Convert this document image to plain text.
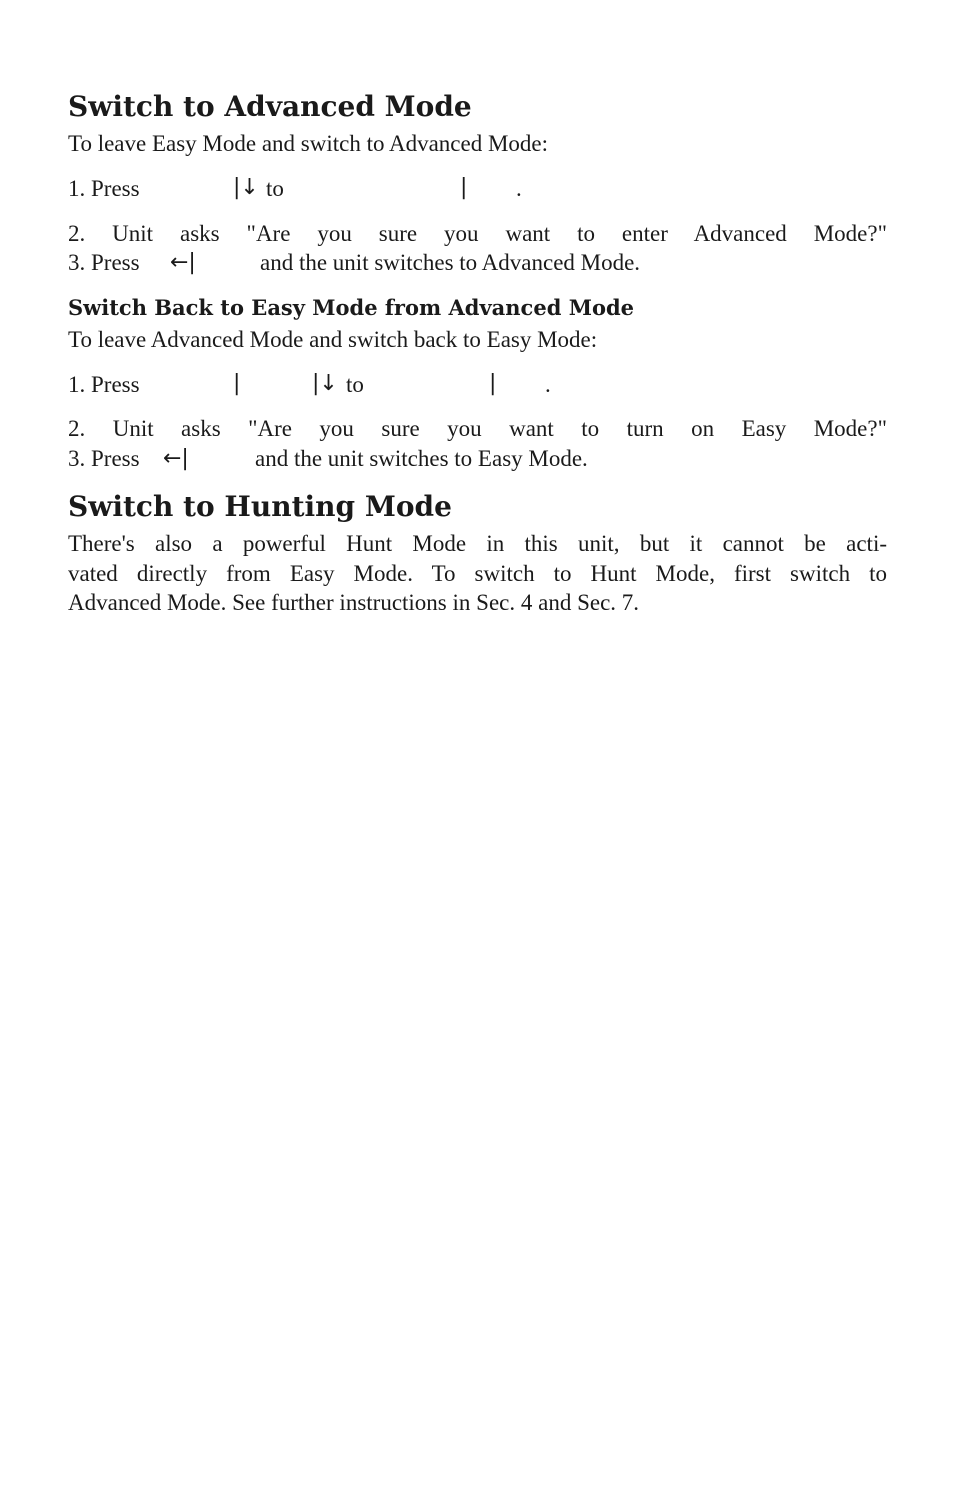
Switch to Advanced Mode
To leave Easy Mode and switch to Advanced Mode:
1. Press	|↓ to	| .
2. Unit asks "Are you sure you want to enter Advanced Mode?"
3. Press ←|	and the unit switches to Advanced Mode.
Switch Back to Easy Mode from Advanced Mode
To leave Advanced Mode and switch back to Easy Mode:
1. Press	|	|↓ to	| .
2. Unit asks "Are you sure you want to turn on Easy Mode?"
3. Press ←|	and the unit switches to Easy Mode.
Switch to Hunting Mode
There's also a powerful Hunt Mode in this unit, but it cannot be acti-
vated directly from Easy Mode. To switch to Hunt Mode, first switch to
Advanced Mode. See further instructions in Sec. 4 and Sec. 7.
